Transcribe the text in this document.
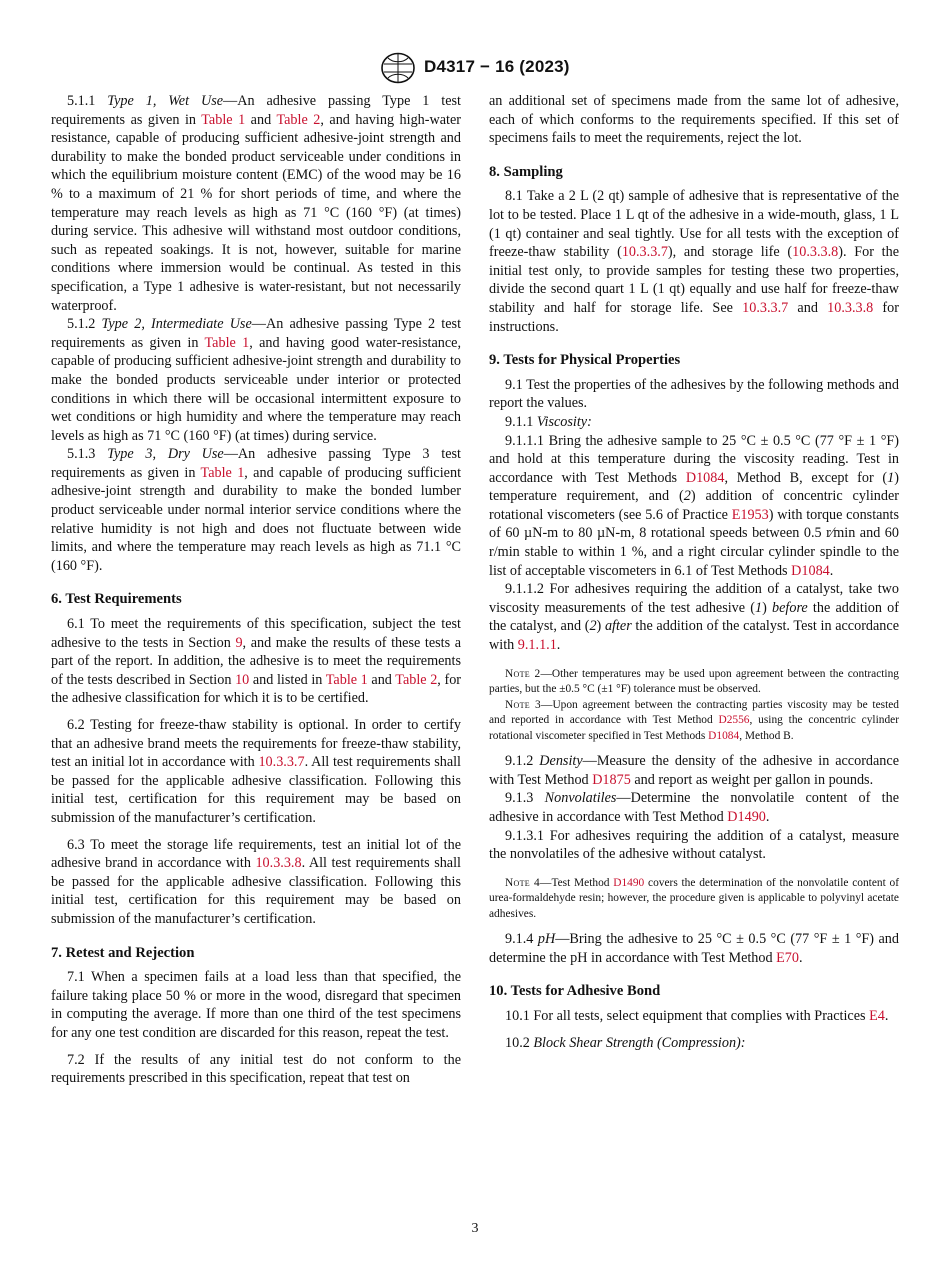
D4317 − 16 (2023)

5.1.1 Type 1, Wet Use—An adhesive passing Type 1 test requirements as given in Table 1 and Table 2, and having high-water resistance, capable of producing sufficient adhesive-joint strength and durability to make the bonded product serviceable under conditions in which the equilibrium moisture content (EMC) of the wood may be 16 % to a maximum of 21 % for short periods of time, and where the temperature may reach levels as high as 71 °C (160 °F) (at times) during service. This adhesive will withstand most outdoor conditions, such as repeated soakings. It is not, however, suitable for marine conditions where immersion would be continual. As tested in this specification, a Type 1 adhesive is water-resistant, but not necessarily waterproof.

5.1.2 Type 2, Intermediate Use—An adhesive passing Type 2 test requirements as given in Table 1, and having good water-resistance, capable of producing sufficient adhesive-joint strength and durability to make the bonded products serviceable under interior or protected conditions in which there will be occasional intermittent exposure to wet conditions or high humidity and where the temperature may reach levels as high as 71 °C (160 °F) (at times) during service.

5.1.3 Type 3, Dry Use—An adhesive passing Type 3 test requirements as given in Table 1, and capable of producing sufficient adhesive-joint strength and durability to make the bonded lumber product serviceable under normal interior service conditions where the relative humidity is not high and does not fluctuate between wide limits, and where the temperature may reach levels as high as 71.1 °C (160 °F).

6. Test Requirements

6.1 To meet the requirements of this specification, subject the test adhesive to the tests in Section 9, and make the results of these tests a part of the report. In addition, the adhesive is to meet the requirements of the tests described in Section 10 and listed in Table 1 and Table 2, for the adhesive classification for which it is to be certified.

6.2 Testing for freeze-thaw stability is optional. In order to certify that an adhesive brand meets the requirements for freeze-thaw stability, test an initial lot in accordance with 10.3.3.7. All test requirements shall be passed for the applicable adhesive classification. Following this initial test, certification for this requirement may be based on submission of the manufacturer’s certification.

6.3 To meet the storage life requirements, test an initial lot of the adhesive brand in accordance with 10.3.3.8. All test requirements shall be passed for the applicable adhesive classification. Following this initial test, certification for this requirement may be based on submission of the manufacturer’s certification.

7. Retest and Rejection

7.1 When a specimen fails at a load less than that specified, the failure taking place 50 % or more in the wood, disregard that specimen in computing the average. If more than one third of the test specimens for any one test condition are discarded for this reason, repeat the test.

7.2 If the results of any initial test do not conform to the requirements prescribed in this specification, repeat that test on

an additional set of specimens made from the same lot of adhesive, each of which conforms to the requirements specified. If this set of specimens fails to meet the requirements, reject the lot.

8. Sampling

8.1 Take a 2 L (2 qt) sample of adhesive that is representative of the lot to be tested. Place 1 L qt of the adhesive in a wide-mouth, glass, 1 L (1 qt) container and seal tightly. Use for all tests with the exception of freeze-thaw stability (10.3.3.7), and storage life (10.3.3.8). For the initial test only, to provide samples for testing these two properties, divide the second quart 1 L (1 qt) equally and use half for freeze-thaw stability and half for storage life. See 10.3.3.7 and 10.3.3.8 for instructions.

9. Tests for Physical Properties

9.1 Test the properties of the adhesives by the following methods and report the values.

9.1.1 Viscosity:

9.1.1.1 Bring the adhesive sample to 25 °C ± 0.5 °C (77 °F ± 1 °F) and hold at this temperature during the viscosity reading. Test in accordance with Test Methods D1084, Method B, except for (1) temperature requirement, and (2) addition of concentric cylinder rotational viscometers (see 5.6 of Practice E1953) with torque constants of 60 µN-m to 80 µN-m, 8 rotational speeds between 0.5 r⁄min and 60 r/min stable to within 1 %, and a right circular cylinder spindle to the list of acceptable viscometers in 6.1 of Test Methods D1084.

9.1.1.2 For adhesives requiring the addition of a catalyst, take two viscosity measurements of the test adhesive (1) before the addition of the catalyst, and (2) after the addition of the catalyst. Test in accordance with 9.1.1.1.

Note 2—Other temperatures may be used upon agreement between the contracting parties, but the ±0.5 °C (±1 °F) tolerance must be observed.

Note 3—Upon agreement between the contracting parties viscosity may be tested and reported in accordance with Test Method D2556, using the concentric cylinder rotational viscometer specified in Test Methods D1084, Method B.

9.1.2 Density—Measure the density of the adhesive in accordance with Test Method D1875 and report as weight per gallon in pounds.

9.1.3 Nonvolatiles—Determine the nonvolatile content of the adhesive in accordance with Test Method D1490.

9.1.3.1 For adhesives requiring the addition of a catalyst, measure the nonvolatiles of the adhesive without catalyst.

Note 4—Test Method D1490 covers the determination of the nonvolatile content of urea-formaldehyde resin; however, the procedure given is applicable to polyvinyl acetate adhesives.

9.1.4 pH—Bring the adhesive to 25 °C ± 0.5 °C (77 °F ± 1 °F) and determine the pH in accordance with Test Method E70.

10. Tests for Adhesive Bond

10.1 For all tests, select equipment that complies with Practices E4.

10.2 Block Shear Strength (Compression):

3
